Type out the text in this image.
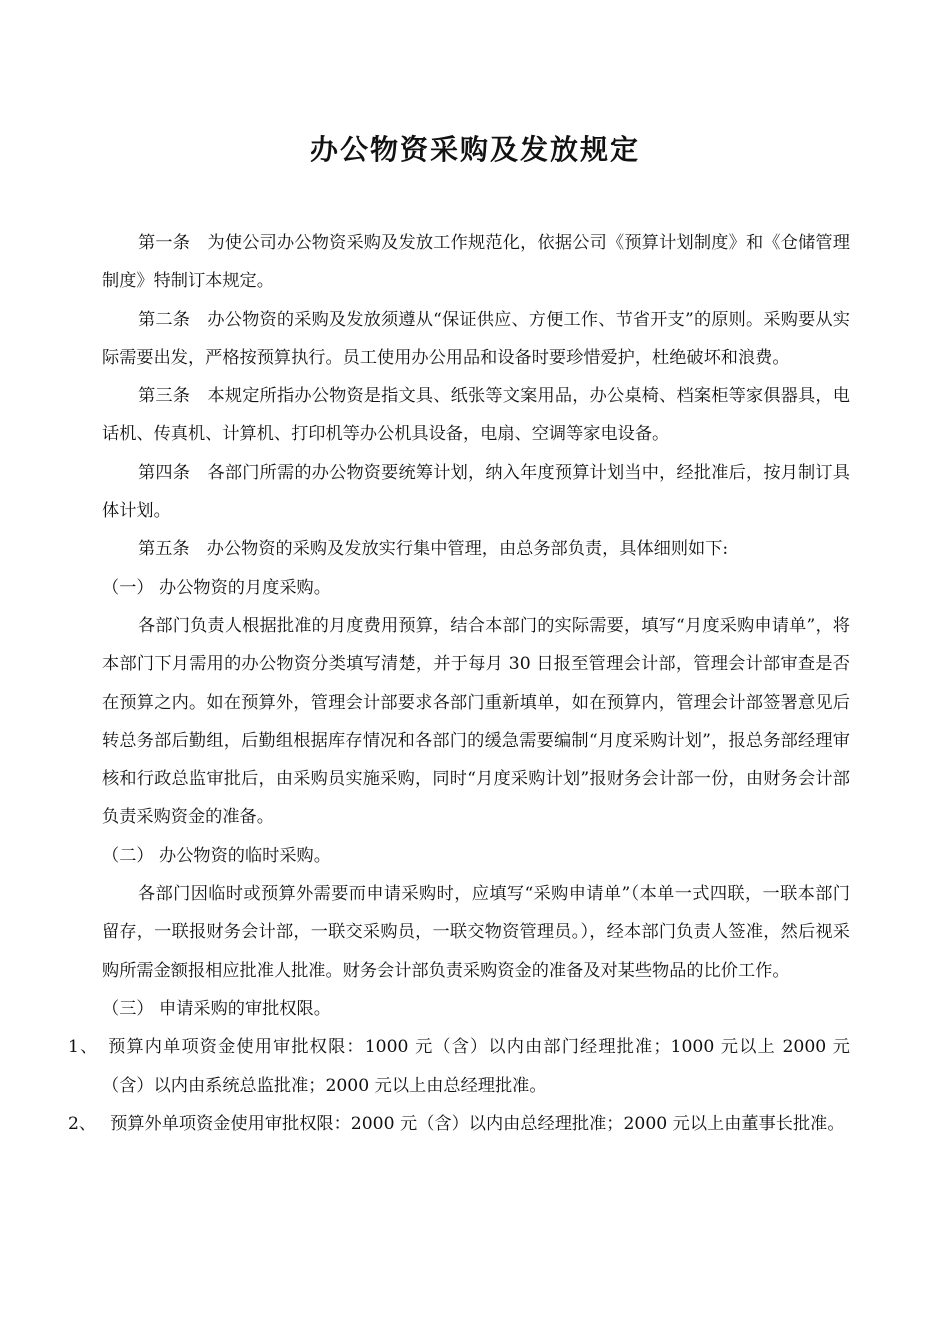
办公物资采购及发放规定

第一条　为使公司办公物资采购及发放工作规范化，依据公司《预算计划制度》和《仓储管理制度》特制订本规定。

第二条　办公物资的采购及发放须遵从“保证供应、方便工作、节省开支”的原则。采购要从实际需要出发，严格按预算执行。员工使用办公用品和设备时要珍惜爱护，杜绝破坏和浪费。

第三条　本规定所指办公物资是指文具、纸张等文案用品，办公桌椅、档案柜等家俱器具，电话机、传真机、计算机、打印机等办公机具设备，电扇、空调等家电设备。

第四条　各部门所需的办公物资要统筹计划，纳入年度预算计划当中，经批准后，按月制订具体计划。

第五条　办公物资的采购及发放实行集中管理，由总务部负责，具体细则如下:

（一） 办公物资的月度采购。

各部门负责人根据批准的月度费用预算，结合本部门的实际需要，填写“月度采购申请单”，将本部门下月需用的办公物资分类填写清楚，并于每月 30 日报至管理会计部，管理会计部审查是否在预算之内。如在预算外，管理会计部要求各部门重新填单，如在预算内，管理会计部签署意见后转总务部后勤组，后勤组根据库存情况和各部门的缓急需要编制“月度采购计划”，报总务部经理审核和行政总监审批后，由采购员实施采购，同时“月度采购计划”报财务会计部一份，由财务会计部负责采购资金的准备。

（二） 办公物资的临时采购。

各部门因临时或预算外需要而申请采购时，应填写“采购申请单”（本单一式四联，一联本部门留存，一联报财务会计部，一联交采购员，一联交物资管理员。），经本部门负责人签准，然后视采购所需金额报相应批准人批准。财务会计部负责采购资金的准备及对某些物品的比价工作。

（三） 申请采购的审批权限。

1、　预算内单项资金使用审批权限：1000 元（含）以内由部门经理批准；1000 元以上 2000 元（含）以内由系统总监批准；2000 元以上由总经理批准。

2、　 预算外单项资金使用审批权限：2000 元（含）以内由总经理批准；2000 元以上由董事长批准。
